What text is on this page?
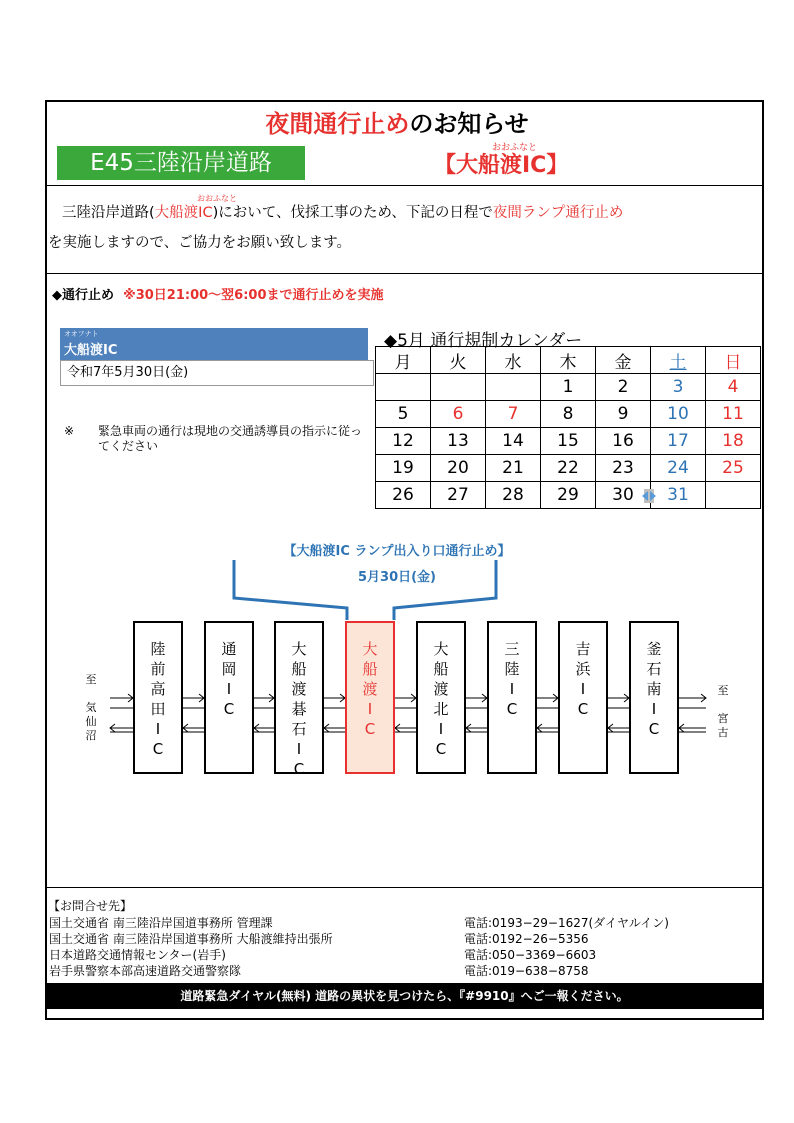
夜間通行止めのお知らせ
E45三陸沿岸道路
おおふなと
【大船渡IC】
おおふなと
三陸沿岸道路(大船渡IC)において、伐採工事のため、下記の日程で夜間ランプ通行止め
を実施しますので、ご協力をお願い致します。
◆通行止め ※30日21:00〜翌6:00まで通行止めを実施
オオフナト
大船渡IC
令和7年5月30日(金)
※ 緊急車両の通行は現地の交通誘導員の指示に従ってください
◆5月 通行規制カレンダー
月	火	水	木	金	土	日
			1	2	3	4
5	6	7	8	9	10	11
12	13	14	15	16	17	18
19	20	21	22	23	24	25
26	27	28	29	30	31	
【大船渡IC ランプ出入り口通行止め】
5月30日(金)
陸
前
高
田
I
C
通
岡
I
C
大
船
渡
碁
石
I
C
大
船
渡
I
C
大
船
渡
北
I
C
三
陸
I
C
吉
浜
I
C
釜
石
南
I
C
至
気
仙
沼
至
宮
古
【お問合せ先】
国土交通省 南三陸沿岸国道事務所 管理課	電話:0193−29−1627(ダイヤルイン)
国土交通省 南三陸沿岸国道事務所 大船渡維持出張所	電話:0192−26−5356
日本道路交通情報センター(岩手)	電話:050−3369−6603
岩手県警察本部高速道路交通警察隊	電話:019−638−8758
道路緊急ダイヤル(無料) 道路の異状を見つけたら、『#9910』へご一報ください。
